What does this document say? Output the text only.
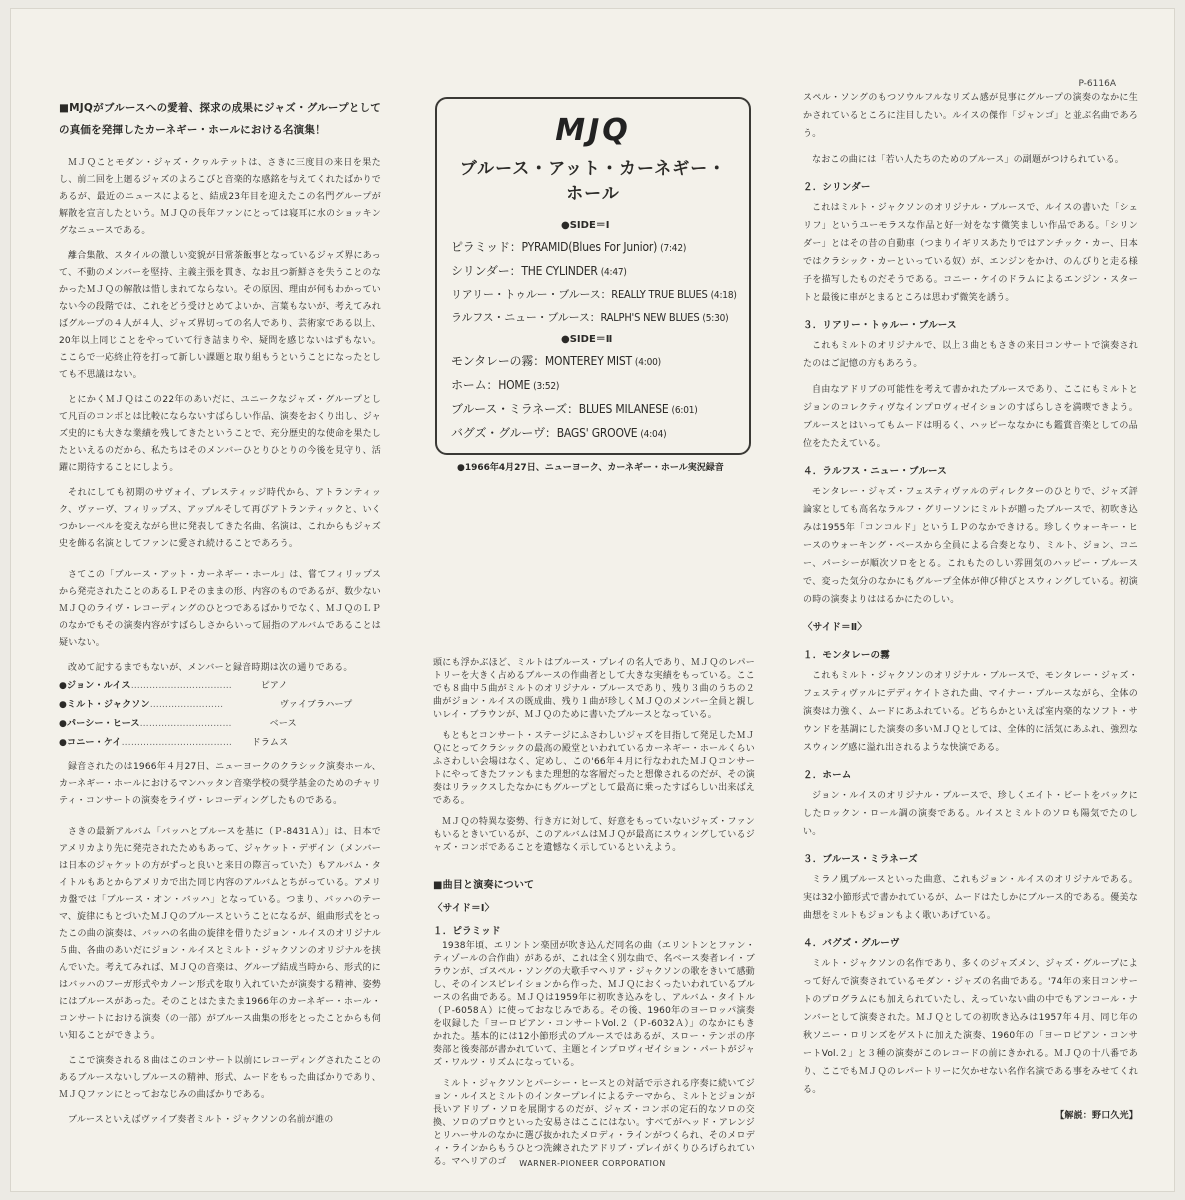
P-6116A

■MJQがブルースへの愛着、探求の成果にジャズ・グループとしての真価を発揮したカーネギー・ホールにおける名演集！

ＭＪＱことモダン・ジャズ・クヮルテットは、さきに三度目の来日を果たし、前二回を上廻るジャズのよろこびと音楽的な感銘を与えてくれたばかりであるが、最近のニュースによると、結成23年目を迎えたこの名門グループが解散を宣言したという。ＭＪＱの長年ファンにとっては寝耳に水のショッキングなニュースである。

離合集散、スタイルの激しい変貌が日常茶飯事となっているジャズ界にあって、不動のメンバーを堅持、主義主張を貫き、なお且つ新鮮さを失うことのなかったＭＪＱの解散は惜しまれてならない。その原因、理由が何もわかっていない今の段階では、これをどう受けとめてよいか、言葉もないが、考えてみればグループの４人が４人、ジャズ界切っての名人であり、芸術家である以上、20年以上同じことをやっていて行き詰まりや、疑問を感じないはずもない。ここらで一応終止符を打って新しい課題と取り組もうということになったとしても不思議はない。

とにかくＭＪＱはこの22年のあいだに、ユニークなジャズ・グループとして凡百のコンボとは比較にならないすばらしい作品、演奏をおくり出し、ジャズ史的にも大きな業績を残してきたということで、充分歴史的な使命を果たしたといえるのだから、私たちはそのメンバーひとりひとりの今後を見守り、活躍に期待することにしよう。

それにしても初期のサヴォイ、プレスティッジ時代から、アトランティック、ヴァーヴ、フィリップス、アップルそして再びアトランティックと、いくつかレーベルを変えながら世に発表してきた名曲、名演は、これからもジャズ史を飾る名演としてファンに愛され続けることであろう。

さてこの「ブルース・アット・カーネギー・ホール」は、嘗てフィリップスから発売されたことのあるＬＰそのままの形、内容のものであるが、数少ないＭＪＱのライヴ・レコーディングのひとつであるばかりでなく、ＭＪＱのＬＰのなかでもその演奏内容がすばらしさからいって屈指のアルバムであることは疑いない。

改めて記するまでもないが、メンバーと録音時期は次の通りである。

●ジョン・ルイス ……………………………	ピアノ
●ミルト・ジャクソン ……………………	ヴァイブラハープ
●パーシー・ヒース …………………………	ベース
●コニー・ケイ ………………………………	ドラムス

録音されたのは1966年４月27日、ニューヨークのクラシック演奏ホール、カーネギー・ホールにおけるマンハッタン音楽学校の奨学基金のためのチャリティ・コンサートの演奏をライヴ・レコーディングしたものである。

さきの最新アルバム「バッハとブルースを基に（Ｐ-8431Ａ）」は、日本でアメリカより先に発売されたためもあって、ジャケット・デザイン（メンバーは日本のジャケットの方がずっと良いと来日の際言っていた）もアルバム・タイトルもあとからアメリカで出た同じ内容のアルバムとちがっている。アメリカ盤では「ブルース・オン・バッハ」となっている。つまり、バッハのテーマ、旋律にもとづいたＭＪＱのブルースということになるが、組曲形式をとったこの曲の演奏は、バッハの名曲の旋律を借りたジョン・ルイスのオリジナル５曲、各曲のあいだにジョン・ルイスとミルト・ジャクソンのオリジナルを挟んでいた。考えてみれば、ＭＪＱの音楽は、グループ結成当時から、形式的にはバッハのフーガ形式やカノーン形式を取り入れていたが演奏する精神、姿勢にはブルースがあった。そのことはたまたま1966年のカーネギー・ホール・コンサートにおける演奏（の一部）がブルース曲集の形をとったことからも伺い知ることができよう。

ここで演奏される８曲はこのコンサート以前にレコーディングされたことのあるブルースないしブルースの精神、形式、ムードをもった曲ばかりであり、ＭＪＱファンにとっておなじみの曲ばかりである。

ブルースといえばヴァイブ奏者ミルト・ジャクソンの名前が誰の

MJQ
ブルース・アット・カーネギー・ホール
●SIDE＝Ⅰ
ピラミッド：PYRAMID(Blues For Junior) (7:42)
シリンダー：THE CYLINDER (4:47)
リアリー・トゥルー・ブルース：REALLY TRUE BLUES (4:18)
ラルフス・ニュー・ブルース：RALPH'S NEW BLUES (5:30)
●SIDE＝Ⅱ
モンタレーの霧：MONTEREY MIST (4:00)
ホーム：HOME (3:52)
ブルース・ミラネーズ：BLUES MILANESE (6:01)
バグズ・グルーヴ：BAGS' GROOVE (4:04)
●1966年4月27日、ニューヨーク、カーネギー・ホール実況録音

頭にも浮かぶほど、ミルトはブルース・プレイの名人であり、ＭＪＱのレパートリーを大きく占めるブルースの作曲者として大きな実績をもっている。ここでも８曲中５曲がミルトのオリジナル・ブルースであり、残り３曲のうちの２曲がジョン・ルイスの既成曲、残り１曲が珍しくＭＪＱのメンバー全員と親しいレイ・ブラウンが、ＭＪＱのために書いたブルースとなっている。

もともとコンサート・ステージにふさわしいジャズを目指して発足したＭＪＱにとってクラシックの最高の殿堂といわれているカーネギー・ホールくらいふさわしい会場はなく、定めし、この'66年４月に行なわれたＭＪＱコンサートにやってきたファンもまた理想的な客層だったと想像されるのだが、その演奏はリラックスしたなかにもグループとして最高に乗ったすばらしい出来ばえである。

ＭＪＱの特異な姿勢、行き方に対して、好意をもっていないジャズ・ファンもいるときいているが、このアルバムはＭＪＱが最高にスウィングしているジャズ・コンボであることを遺憾なく示しているといえよう。

■曲目と演奏について

〈サイド＝Ⅰ〉

１．ピラミッド

1938年頃、エリントン楽団が吹き込んだ同名の曲（エリントンとファン・ティゾールの合作曲）があるが、これは全く別な曲で、名ベース奏者レイ・ブラウンが、ゴスペル・ソングの大歌手マヘリア・ジャクソンの歌をきいて感動し、そのインスピレイションから作った、ＭＪＱにおくったいわれているブルースの名曲である。ＭＪＱは1959年に初吹き込みをし、アルバム・タイトル（Ｐ-6058Ａ）に使っておなじみである。その後、1960年のヨーロッパ演奏を収録した「ヨーロピアン・コンサートVol.２（Ｐ-6032Ａ）」のなかにもきかれた。基本的には12小節形式のブルースではあるが、スロー・テンポの序奏部と後奏部が書かれていて、主題とインプロヴィゼイション・パートがジャズ・ワルツ・リズムになっている。

ミルト・ジャクソンとパーシー・ヒースとの対話で示される序奏に続いてジョン・ルイスとミルトのインタープレイによるテーマから、ミルトとジョンが長いアドリブ・ソロを展開するのだが、ジャズ・コンボの定石的なソロの交換、ソロのプロウといった安易さはここにはない。すべてがヘッド・アレンジとリハーサルのなかに選び抜かれたメロディ・ラインがつくられ、そのメロディ・ラインからもうひとつ洗練されたアドリブ・プレイがくりひろげられている。マヘリアのゴ

スペル・ソングのもつソウルフルなリズム感が見事にグループの演奏のなかに生かされているところに注目したい。ルイスの傑作「ジャンゴ」と並ぶ名曲であろう。

なおこの曲には「若い人たちのためのブルース」の副題がつけられている。

２．シリンダー

これはミルト・ジャクソンのオリジナル・ブルースで、ルイスの書いた「シェリフ」というユーモラスな作品と好一対をなす微笑ましい作品である。「シリンダー」とはその昔の自動車（つまりイギリスあたりではアンチック・カー、日本ではクラシック・カーといっている奴）が、エンジンをかけ、のんびりと走る様子を描写したものだそうである。コニー・ケイのドラムによるエンジン・スタートと最後に車がとまるところは思わず微笑を誘う。

３．リアリー・トゥルー・ブルース

これもミルトのオリジナルで、以上３曲ともさきの来日コンサートで演奏されたのはご記憶の方もあろう。

自由なアドリブの可能性を考えて書かれたブルースであり、ここにもミルトとジョンのコレクティヴなインプロヴィゼイションのすばらしさを満喫できよう。ブルースとはいってもムードは明るく、ハッピーななかにも鑑賞音楽としての品位をたたえている。

４．ラルフス・ニュー・ブルース

モンタレー・ジャズ・フェスティヴァルのディレクターのひとりで、ジャズ評論家としても高名なラルフ・グリーソンにミルトが贈ったブルースで、初吹き込みは1955年「コンコルド」というＬＰのなかできける。珍しくウォーキー・ヒースのウォーキング・ベースから全員による合奏となり、ミルト、ジョン、コニー、パーシーが順次ソロをとる。これもたのしい雰囲気のハッピー・ブルースで、変った気分のなかにもグループ全体が伸び伸びとスウィングしている。初演の時の演奏よりははるかにたのしい。

〈サイド＝Ⅱ〉

１．モンタレーの霧

これもミルト・ジャクソンのオリジナル・ブルースで、モンタレー・ジャズ・フェスティヴァルにデディケイトされた曲、マイナー・ブルースながら、全体の演奏は力強く、ムードにあふれている。どちらかといえば室内楽的なソフト・サウンドを基調にした演奏の多いＭＪＱとしては、全体的に活気にあふれ、強烈なスウィング感に溢れ出されるような快演である。

２．ホーム

ジョン・ルイスのオリジナル・ブルースで、珍しくエイト・ビートをバックにしたロックン・ロール調の演奏である。ルイスとミルトのソロも陽気でたのしい。

３．ブルース・ミラネーズ

ミラノ風ブルースといった曲意、これもジョン・ルイスのオリジナルである。実は32小節形式で書かれているが、ムードはたしかにブルース的である。優美な曲想をミルトもジョンもよく歌いあげている。

４．バグズ・グルーヴ

ミルト・ジャクソンの名作であり、多くのジャズメン、ジャズ・グループによって好んで演奏されているモダン・ジャズの名曲である。'74年の来日コンサートのプログラムにも加えられていたし、えっていない曲の中でもアンコール・ナンバーとして演奏された。ＭＪＱとしての初吹き込みは1957年４月、同じ年の秋ソニー・ロリンズをゲストに加えた演奏、1960年の「ヨーロピアン・コンサートVol.２」と３種の演奏がこのレコードの前にきかれる。ＭＪＱの十八番であり、ここでもＭＪＱのレパートリーに欠かせない名作名演である事をみせてくれる。

【解説：野口久光】

WARNER-PIONEER CORPORATION
